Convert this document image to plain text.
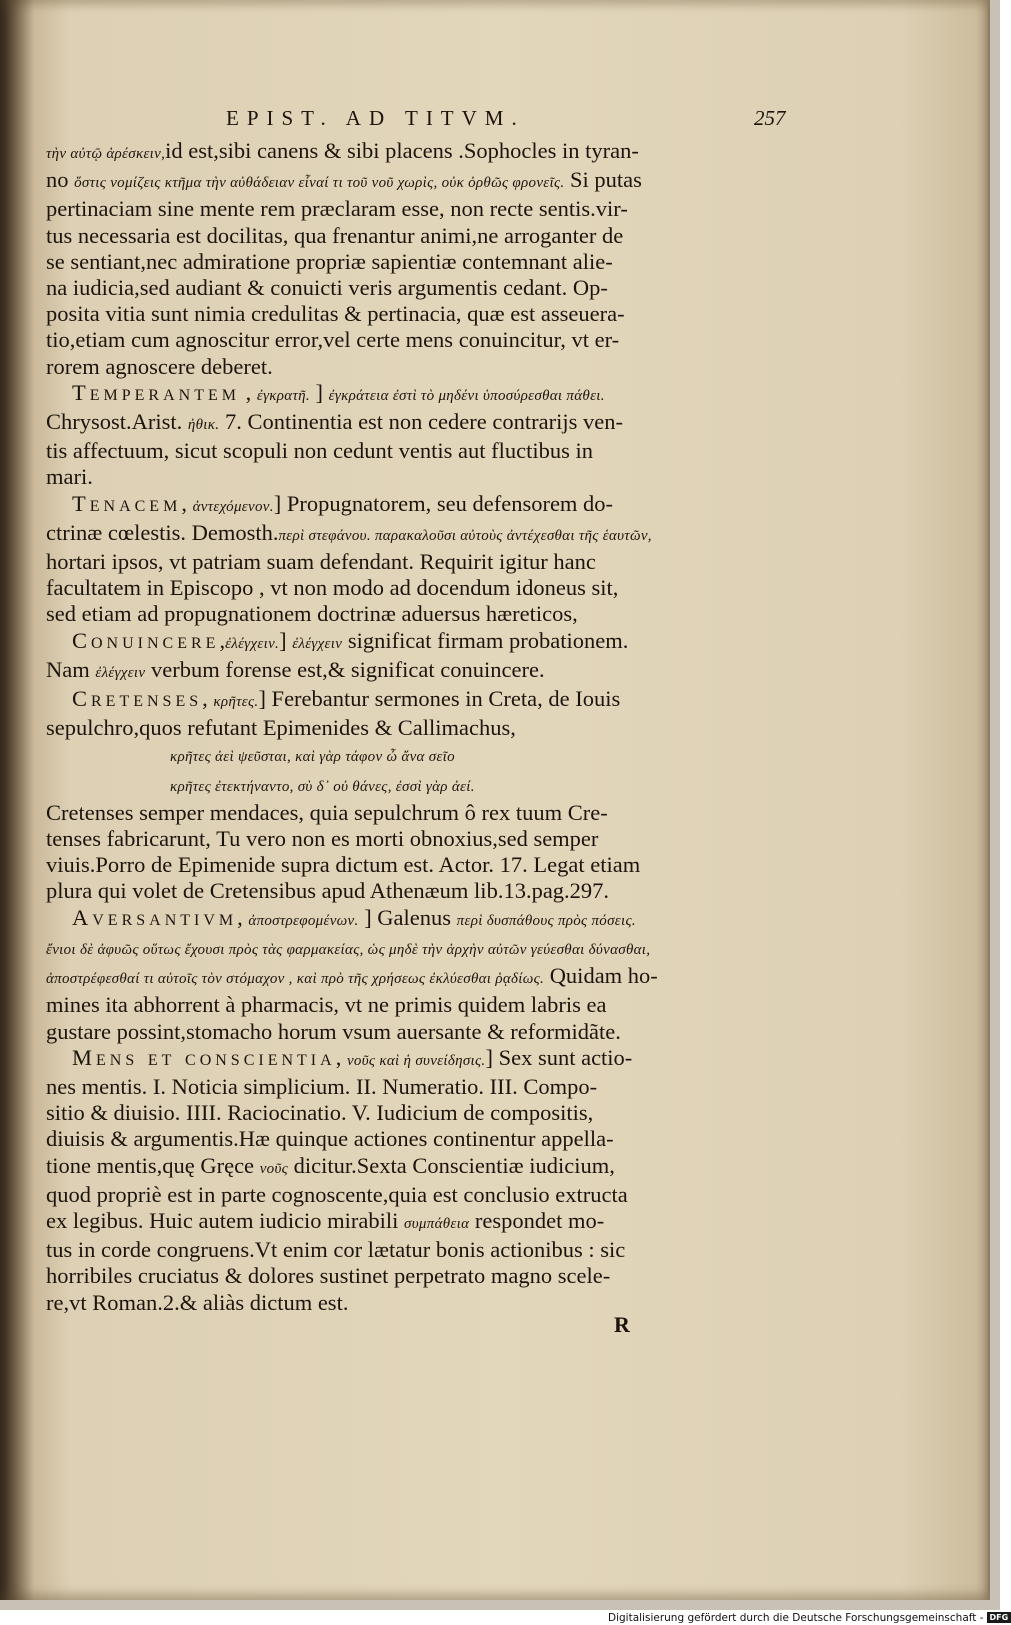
EPIST. AD TITVM.	257
τὴν αὐτῷ ἀρέσκειν,id est,sibi canens & sibi placens .Sophocles in tyran-
no ὅστις νομίζεις κτῆμα τὴν αὐθάδειαν εἶναί τι τοῦ νοῦ χωρὶς, οὐκ ὀρθῶς φρονεῖς. Si putas
pertinaciam sine mente rem præclaram esse, non recte sentis.vir-
tus necessaria est docilitas, qua frenantur animi,ne arroganter de
se sentiant,nec admiratione propriæ sapientiæ contemnant alie-
na iudicia,sed audiant & conuicti veris argumentis cedant. Op-
posita vitia sunt nimia credulitas & pertinacia, quæ est asseuera-
tio,etiam cum agnoscitur error,vel certe mens conuincitur, vt er-
rorem agnoscere deberet.
Temperantem , ἐγκρατῆ. ] ἐγκράτεια ἐστὶ τὸ μηδένι ὑποσύρεσθαι πάθει.
Chrysost.Arist. ἠθικ. 7. Continentia est non cedere contrarijs ven-
tis affectuum, sicut scopuli non cedunt ventis aut fluctibus in
mari.
Tenacem, ἀντεχόμενον.] Propugnatorem, seu defensorem do-
ctrinæ cœlestis. Demosth.περὶ στεφάνου. παρακαλοῦσι αὐτοὺς ἀντέχεσθαι τῆς ἑαυτῶν,
hortari ipsos, vt patriam suam defendant. Requirit igitur hanc
facultatem in Episcopo , vt non modo ad docendum idoneus sit,
sed etiam ad propugnationem doctrinæ aduersus hæreticos,
Conuincere,ἐλέγχειν.] ἐλέγχειν significat firmam probationem.
Nam ἐλέγχειν verbum forense est,& significat conuincere.
Cretenses, κρῆτες.] Ferebantur sermones in Creta, de Iouis
sepulchro,quos refutant Epimenides & Callimachus,
κρῆτες ἀεὶ ψεῦσται, καὶ γὰρ τάφον ὦ ἄνα σεῖο
κρῆτες ἐτεκτήναντο, σὺ δ᾽ οὐ θάνες, ἐσσὶ γὰρ ἀεί.
Cretenses semper mendaces, quia sepulchrum ô rex tuum Cre-
tenses fabricarunt, Tu vero non es morti obnoxius,sed semper
viuis.Porro de Epimenide supra dictum est. Actor. 17. Legat etiam
plura qui volet de Cretensibus apud Athenæum lib.13.pag.297.
Aversantivm, ἀποστρεφομένων. ] Galenus περὶ δυσπάθους πρὸς πόσεις.
ἔνιοι δὲ ἀφυῶς οὕτως ἔχουσι πρὸς τὰς φαρμακείας, ὡς μηδὲ τὴν ἀρχὴν αὐτῶν γεύεσθαι δύνασθαι,
ἀποστρέφεσθαί τι αὐτοῖς τὸν στόμαχον , καὶ πρὸ τῆς χρήσεως ἐκλύεσθαι ῥᾳδίως. Quidam ho-
mines ita abhorrent à pharmacis, vt ne primis quidem labris ea
gustare possint,stomacho horum vsum auersante & reformidãte.
Mens et conscientia, νοῦς καὶ ἡ συνείδησις.] Sex sunt actio-
nes mentis. I. Noticia simplicium. II. Numeratio. III. Compo-
sitio & diuisio. IIII. Raciocinatio. V. Iudicium de compositis,
diuisis & argumentis.Hæ quinque actiones continentur appella-
tione mentis,quę Gręce νοῦς dicitur.Sexta Conscientiæ iudicium,
quod propriè est in parte cognoscente,quia est conclusio extructa
ex legibus. Huic autem iudicio mirabili συμπάθεια respondet mo-
tus in corde congruens.Vt enim cor lætatur bonis actionibus : sic
horribiles cruciatus & dolores sustinet perpetrato magno scele-
re,vt Roman.2.& aliàs dictum est.
R
Digitalisierung gefördert durch die Deutsche Forschungsgemeinschaft - DFG
